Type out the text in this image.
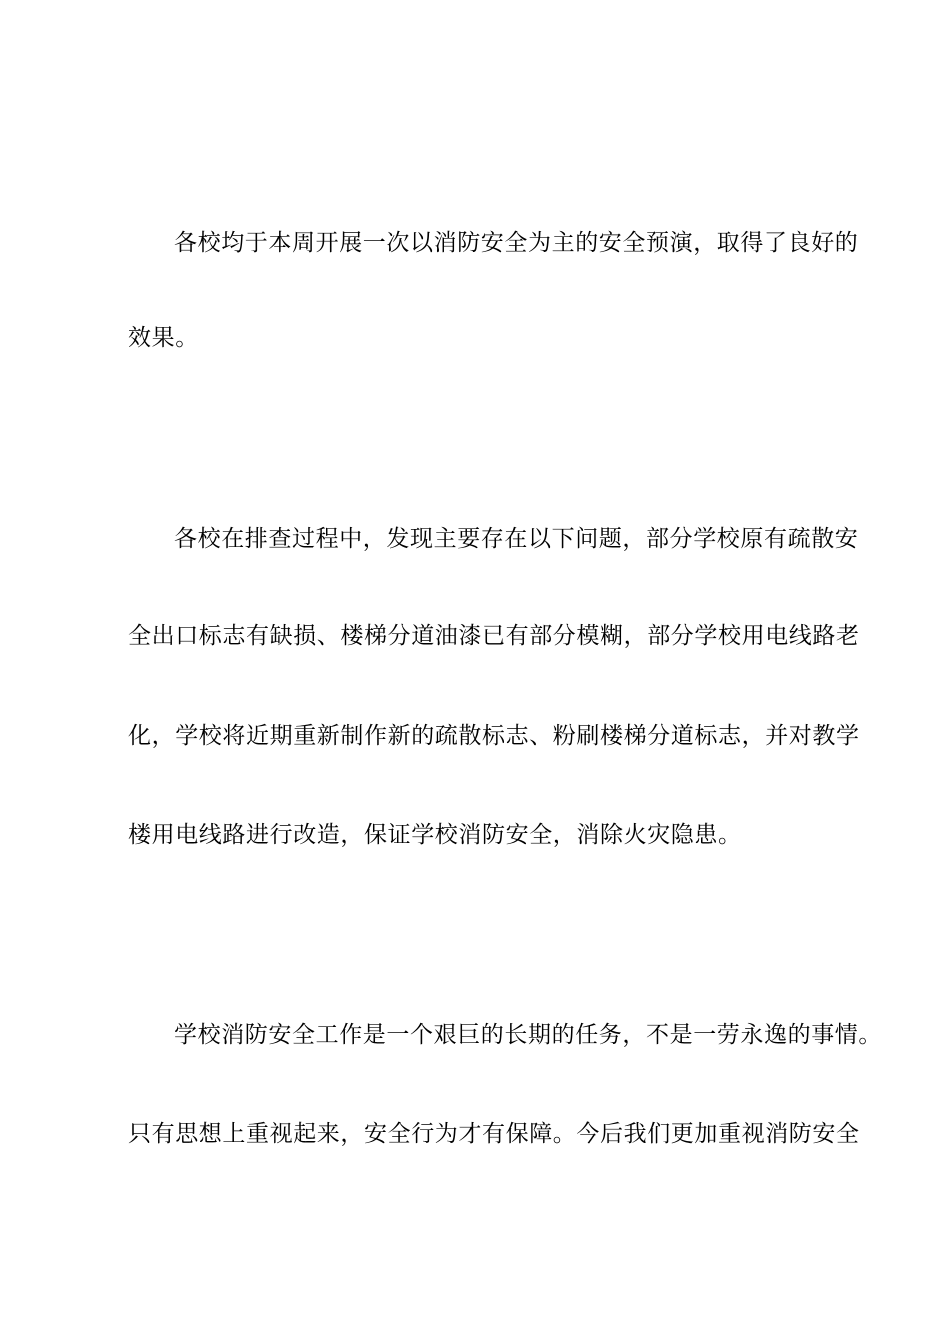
各校均于本周开展一次以消防安全为主的安全预演，取得了良好的
效果。
各校在排查过程中，发现主要存在以下问题，部分学校原有疏散安
全出口标志有缺损、楼梯分道油漆已有部分模糊，部分学校用电线路老
化，学校将近期重新制作新的疏散标志、粉刷楼梯分道标志，并对教学
楼用电线路进行改造，保证学校消防安全，消除火灾隐患。
学校消防安全工作是一个艰巨的长期的任务，不是一劳永逸的事情。
只有思想上重视起来，安全行为才有保障。今后我们更加重视消防安全
